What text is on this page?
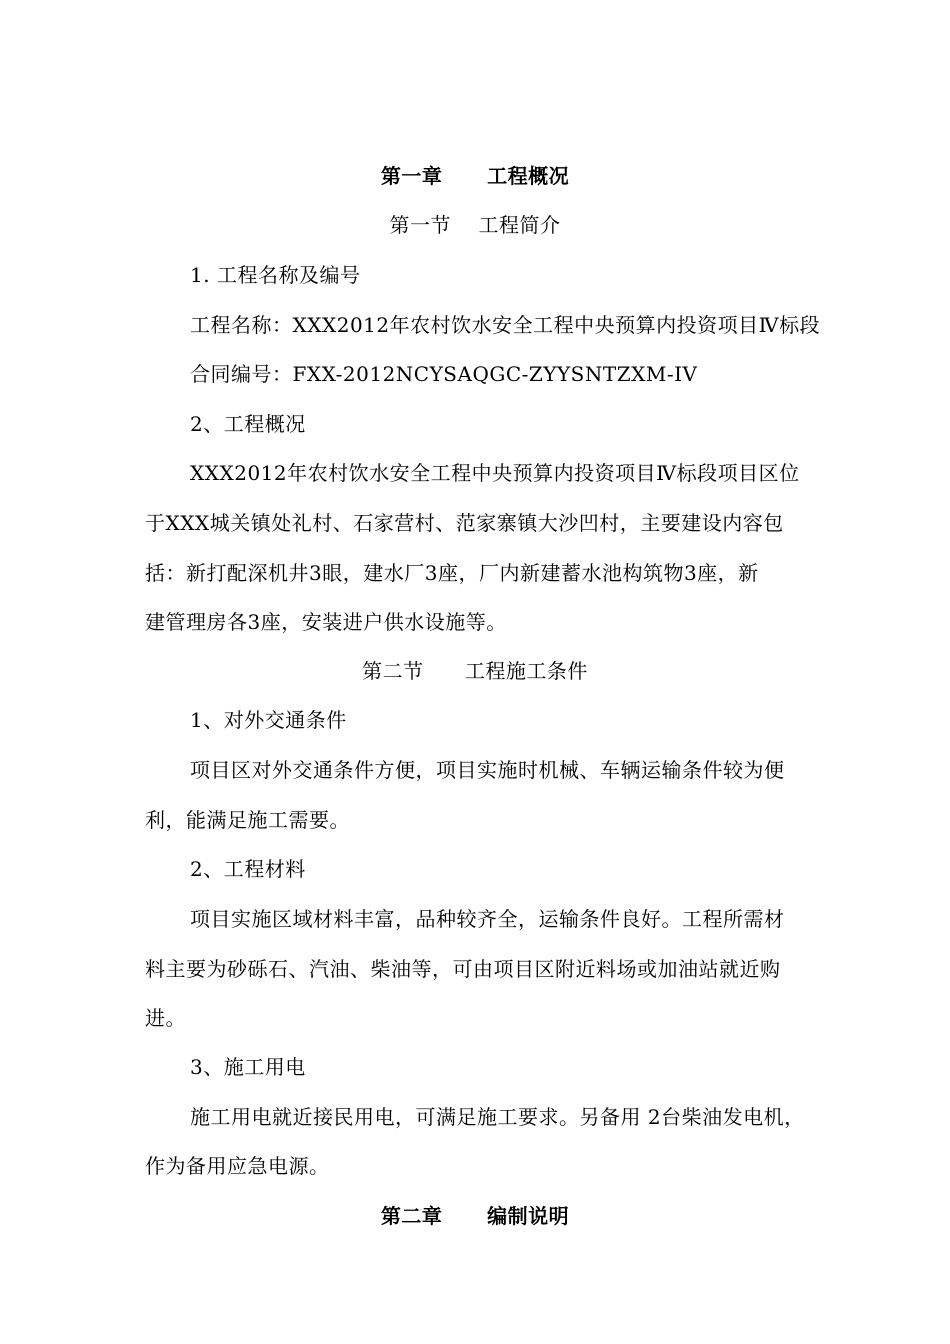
第一章      工程概况
第一节    工程简介
1. 工程名称及编号
工程名称：XXX2012年农村饮水安全工程中央预算内投资项目Ⅳ标段
合同编号：FXX-2012NCYSAQGC-ZYYSNTZXM-IV
2、工程概况
XXX2012年农村饮水安全工程中央预算内投资项目Ⅳ标段项目区位
于XXX城关镇处礼村、石家营村、范家寨镇大沙凹村，主要建设内容包
括：新打配深机井3眼，建水厂3座，厂内新建蓄水池构筑物3座，新
建管理房各3座，安装进户供水设施等。
第二节      工程施工条件
1、对外交通条件
项目区对外交通条件方便，项目实施时机械、车辆运输条件较为便
利，能满足施工需要。
2、工程材料
项目实施区域材料丰富，品种较齐全，运输条件良好。工程所需材
料主要为砂砾石、汽油、柴油等，可由项目区附近料场或加油站就近购
进。
3、施工用电
施工用电就近接民用电，可满足施工要求。另备用 2台柴油发电机，
作为备用应急电源。
第二章      编制说明
